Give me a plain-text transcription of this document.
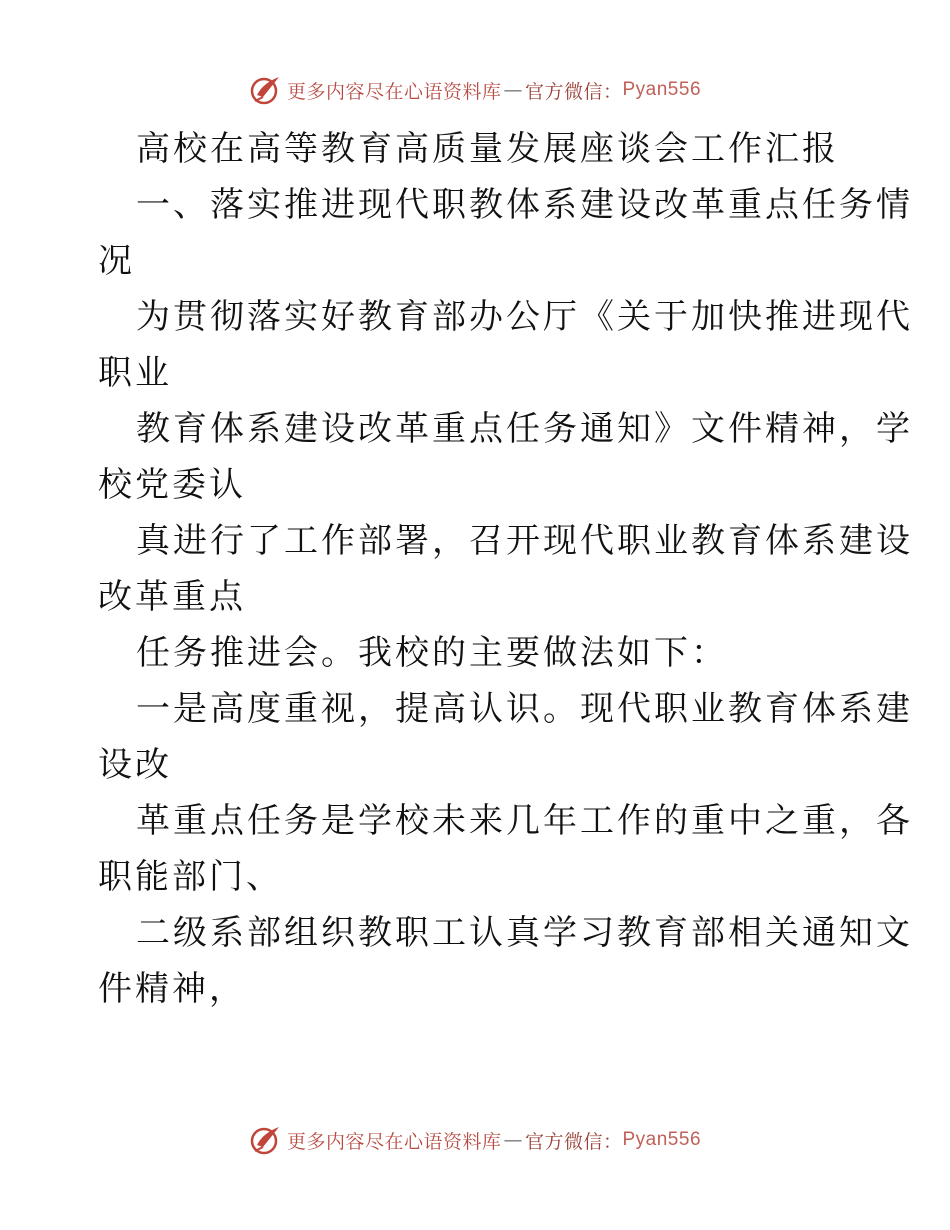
更多内容尽在心语资料库 — 官方微信： Pyan556
高校在高等教育高质量发展座谈会工作汇报
一、落实推进现代职教体系建设改革重点任务情
况
为贯彻落实好教育部办公厅《关于加快推进现代
职业
教育体系建设改革重点任务通知》文件精神，学
校党委认
真进行了工作部署，召开现代职业教育体系建设
改革重点
任务推进会。我校的主要做法如下：
一是高度重视，提高认识。现代职业教育体系建
设改
革重点任务是学校未来几年工作的重中之重，各
职能部门、
二级系部组织教职工认真学习教育部相关通知文
件精神，
更多内容尽在心语资料库 — 官方微信： Pyan556
